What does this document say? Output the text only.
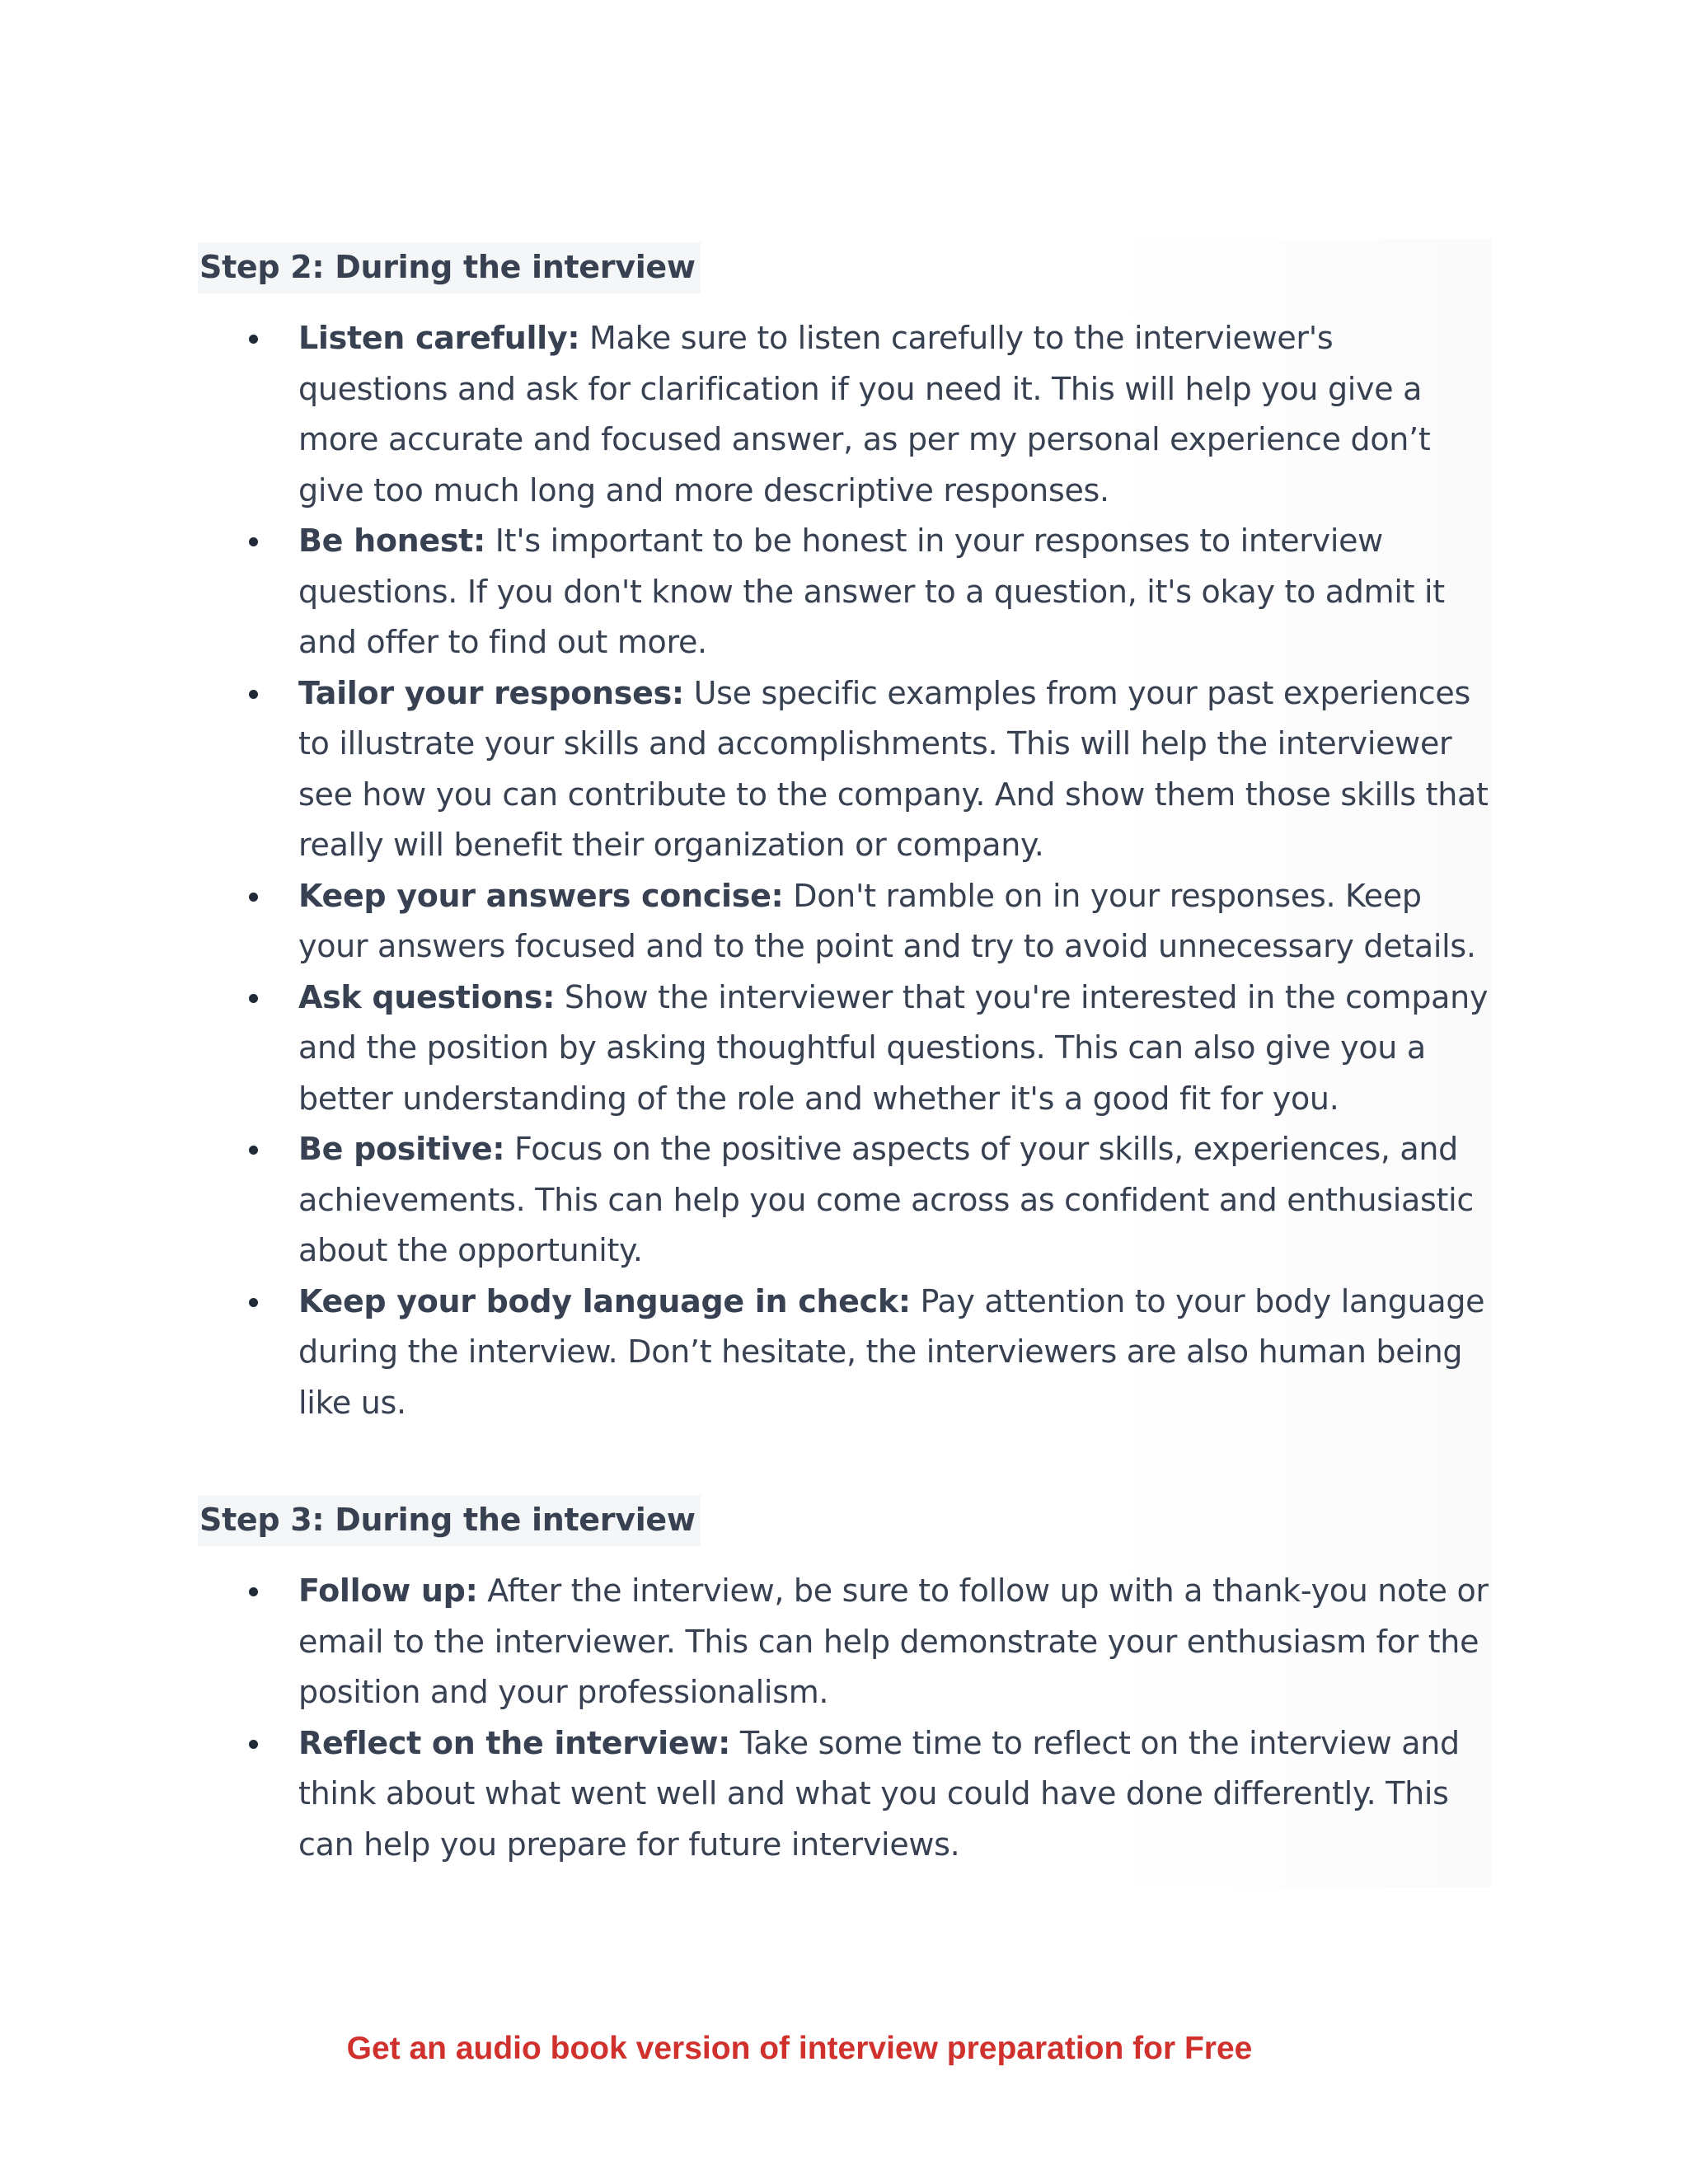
Step 2: During the interview
Listen carefully: Make sure to listen carefully to the interviewer's questions and ask for clarification if you need it. This will help you give a more accurate and focused answer, as per my personal experience don’t give too much long and more descriptive responses.
Be honest: It's important to be honest in your responses to interview questions. If you don't know the answer to a question, it's okay to admit it and offer to find out more.
Tailor your responses: Use specific examples from your past experiences to illustrate your skills and accomplishments. This will help the interviewer see how you can contribute to the company. And show them those skills that really will benefit their organization or company.
Keep your answers concise: Don't ramble on in your responses. Keep your answers focused and to the point and try to avoid unnecessary details.
Ask questions: Show the interviewer that you're interested in the company and the position by asking thoughtful questions. This can also give you a better understanding of the role and whether it's a good fit for you.
Be positive: Focus on the positive aspects of your skills, experiences, and achievements. This can help you come across as confident and enthusiastic about the opportunity.
Keep your body language in check: Pay attention to your body language during the interview. Don’t hesitate, the interviewers are also human being like us.
Step 3: During the interview
Follow up: After the interview, be sure to follow up with a thank-you note or email to the interviewer. This can help demonstrate your enthusiasm for the position and your professionalism.
Reflect on the interview: Take some time to reflect on the interview and think about what went well and what you could have done differently. This can help you prepare for future interviews.
Get an audio book version of interview preparation for Free
